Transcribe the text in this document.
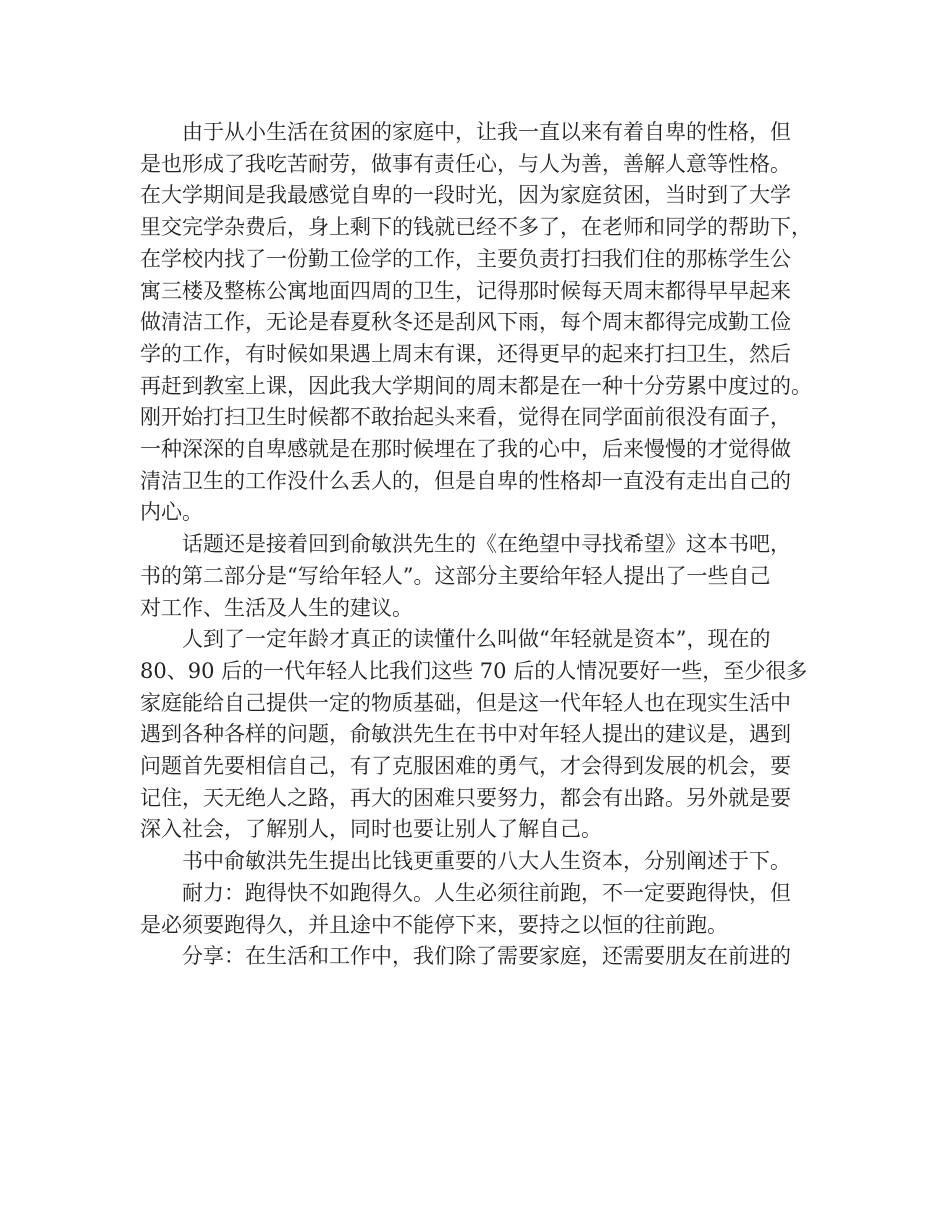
由于从小生活在贫困的家庭中，让我一直以来有着自卑的性格，但

是也形成了我吃苦耐劳，做事有责任心，与人为善，善解人意等性格。

在大学期间是我最感觉自卑的一段时光，因为家庭贫困，当时到了大学

里交完学杂费后，身上剩下的钱就已经不多了，在老师和同学的帮助下，

在学校内找了一份勤工俭学的工作，主要负责打扫我们住的那栋学生公

寓三楼及整栋公寓地面四周的卫生，记得那时候每天周末都得早早起来

做清洁工作，无论是春夏秋冬还是刮风下雨，每个周末都得完成勤工俭

学的工作，有时候如果遇上周末有课，还得更早的起来打扫卫生，然后

再赶到教室上课，因此我大学期间的周末都是在一种十分劳累中度过的。

刚开始打扫卫生时候都不敢抬起头来看，觉得在同学面前很没有面子，

一种深深的自卑感就是在那时候埋在了我的心中，后来慢慢的才觉得做

清洁卫生的工作没什么丢人的，但是自卑的性格却一直没有走出自己的

内心。

话题还是接着回到俞敏洪先生的《在绝望中寻找希望》这本书吧，

书的第二部分是“写给年轻人”。这部分主要给年轻人提出了一些自己

对工作、生活及人生的建议。

人到了一定年龄才真正的读懂什么叫做“年轻就是资本”，现在的

80、90 后的一代年轻人比我们这些 70 后的人情况要好一些，至少很多

家庭能给自己提供一定的物质基础，但是这一代年轻人也在现实生活中

遇到各种各样的问题，俞敏洪先生在书中对年轻人提出的建议是，遇到

问题首先要相信自己，有了克服困难的勇气，才会得到发展的机会，要

记住，天无绝人之路，再大的困难只要努力，都会有出路。另外就是要

深入社会，了解别人，同时也要让别人了解自己。

书中俞敏洪先生提出比钱更重要的八大人生资本，分别阐述于下。

耐力：跑得快不如跑得久。人生必须往前跑，不一定要跑得快，但

是必须要跑得久，并且途中不能停下来，要持之以恒的往前跑。

分享：在生活和工作中，我们除了需要家庭，还需要朋友在前进的
